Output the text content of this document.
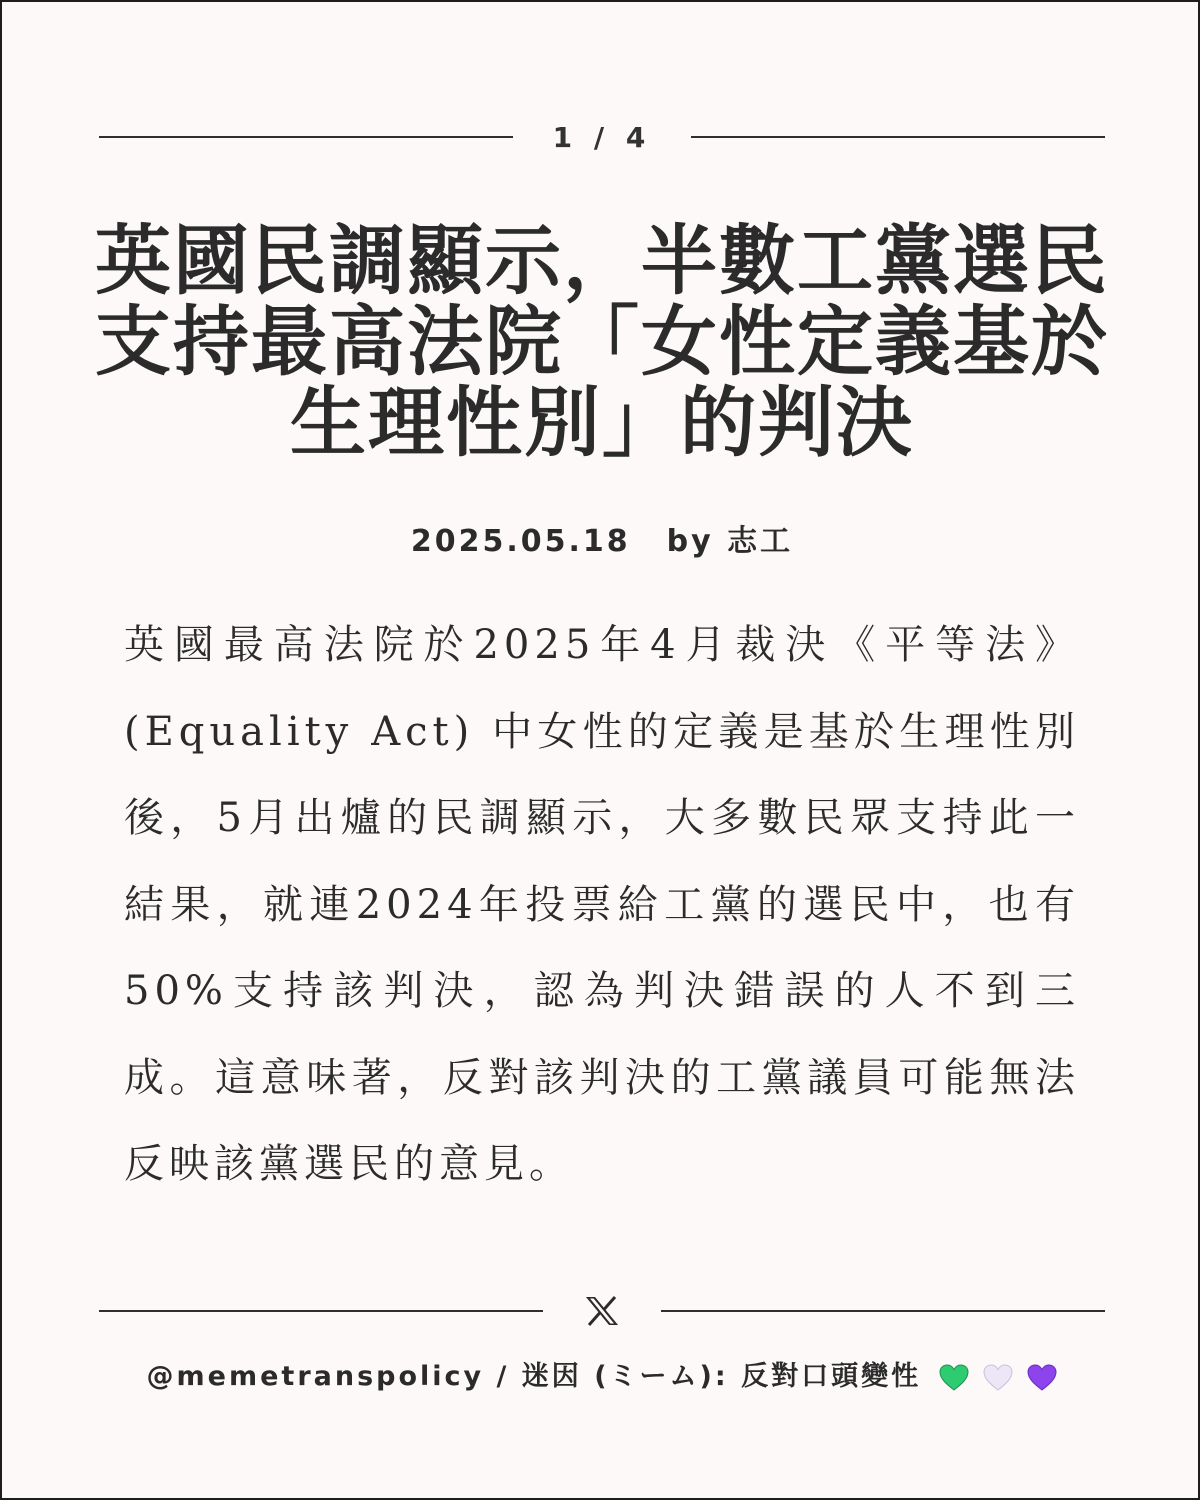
1 / 4
英國民調顯示，半數工黨選民支持最高法院「女性定義基於生理性別」的判決
2025.05.18 by 志工

英國最高法院於2025年4月裁決《平等法》(Equality Act) 中女性的定義是基於生理性別後，5月出爐的民調顯示，大多數民眾支持此一結果，就連2024年投票給工黨的選民中，也有50%支持該判決，認為判決錯誤的人不到三成。這意味著，反對該判決的工黨議員可能無法反映該黨選民的意見。

@memetranspolicy / 迷因 (ミーム): 反對口頭變性
